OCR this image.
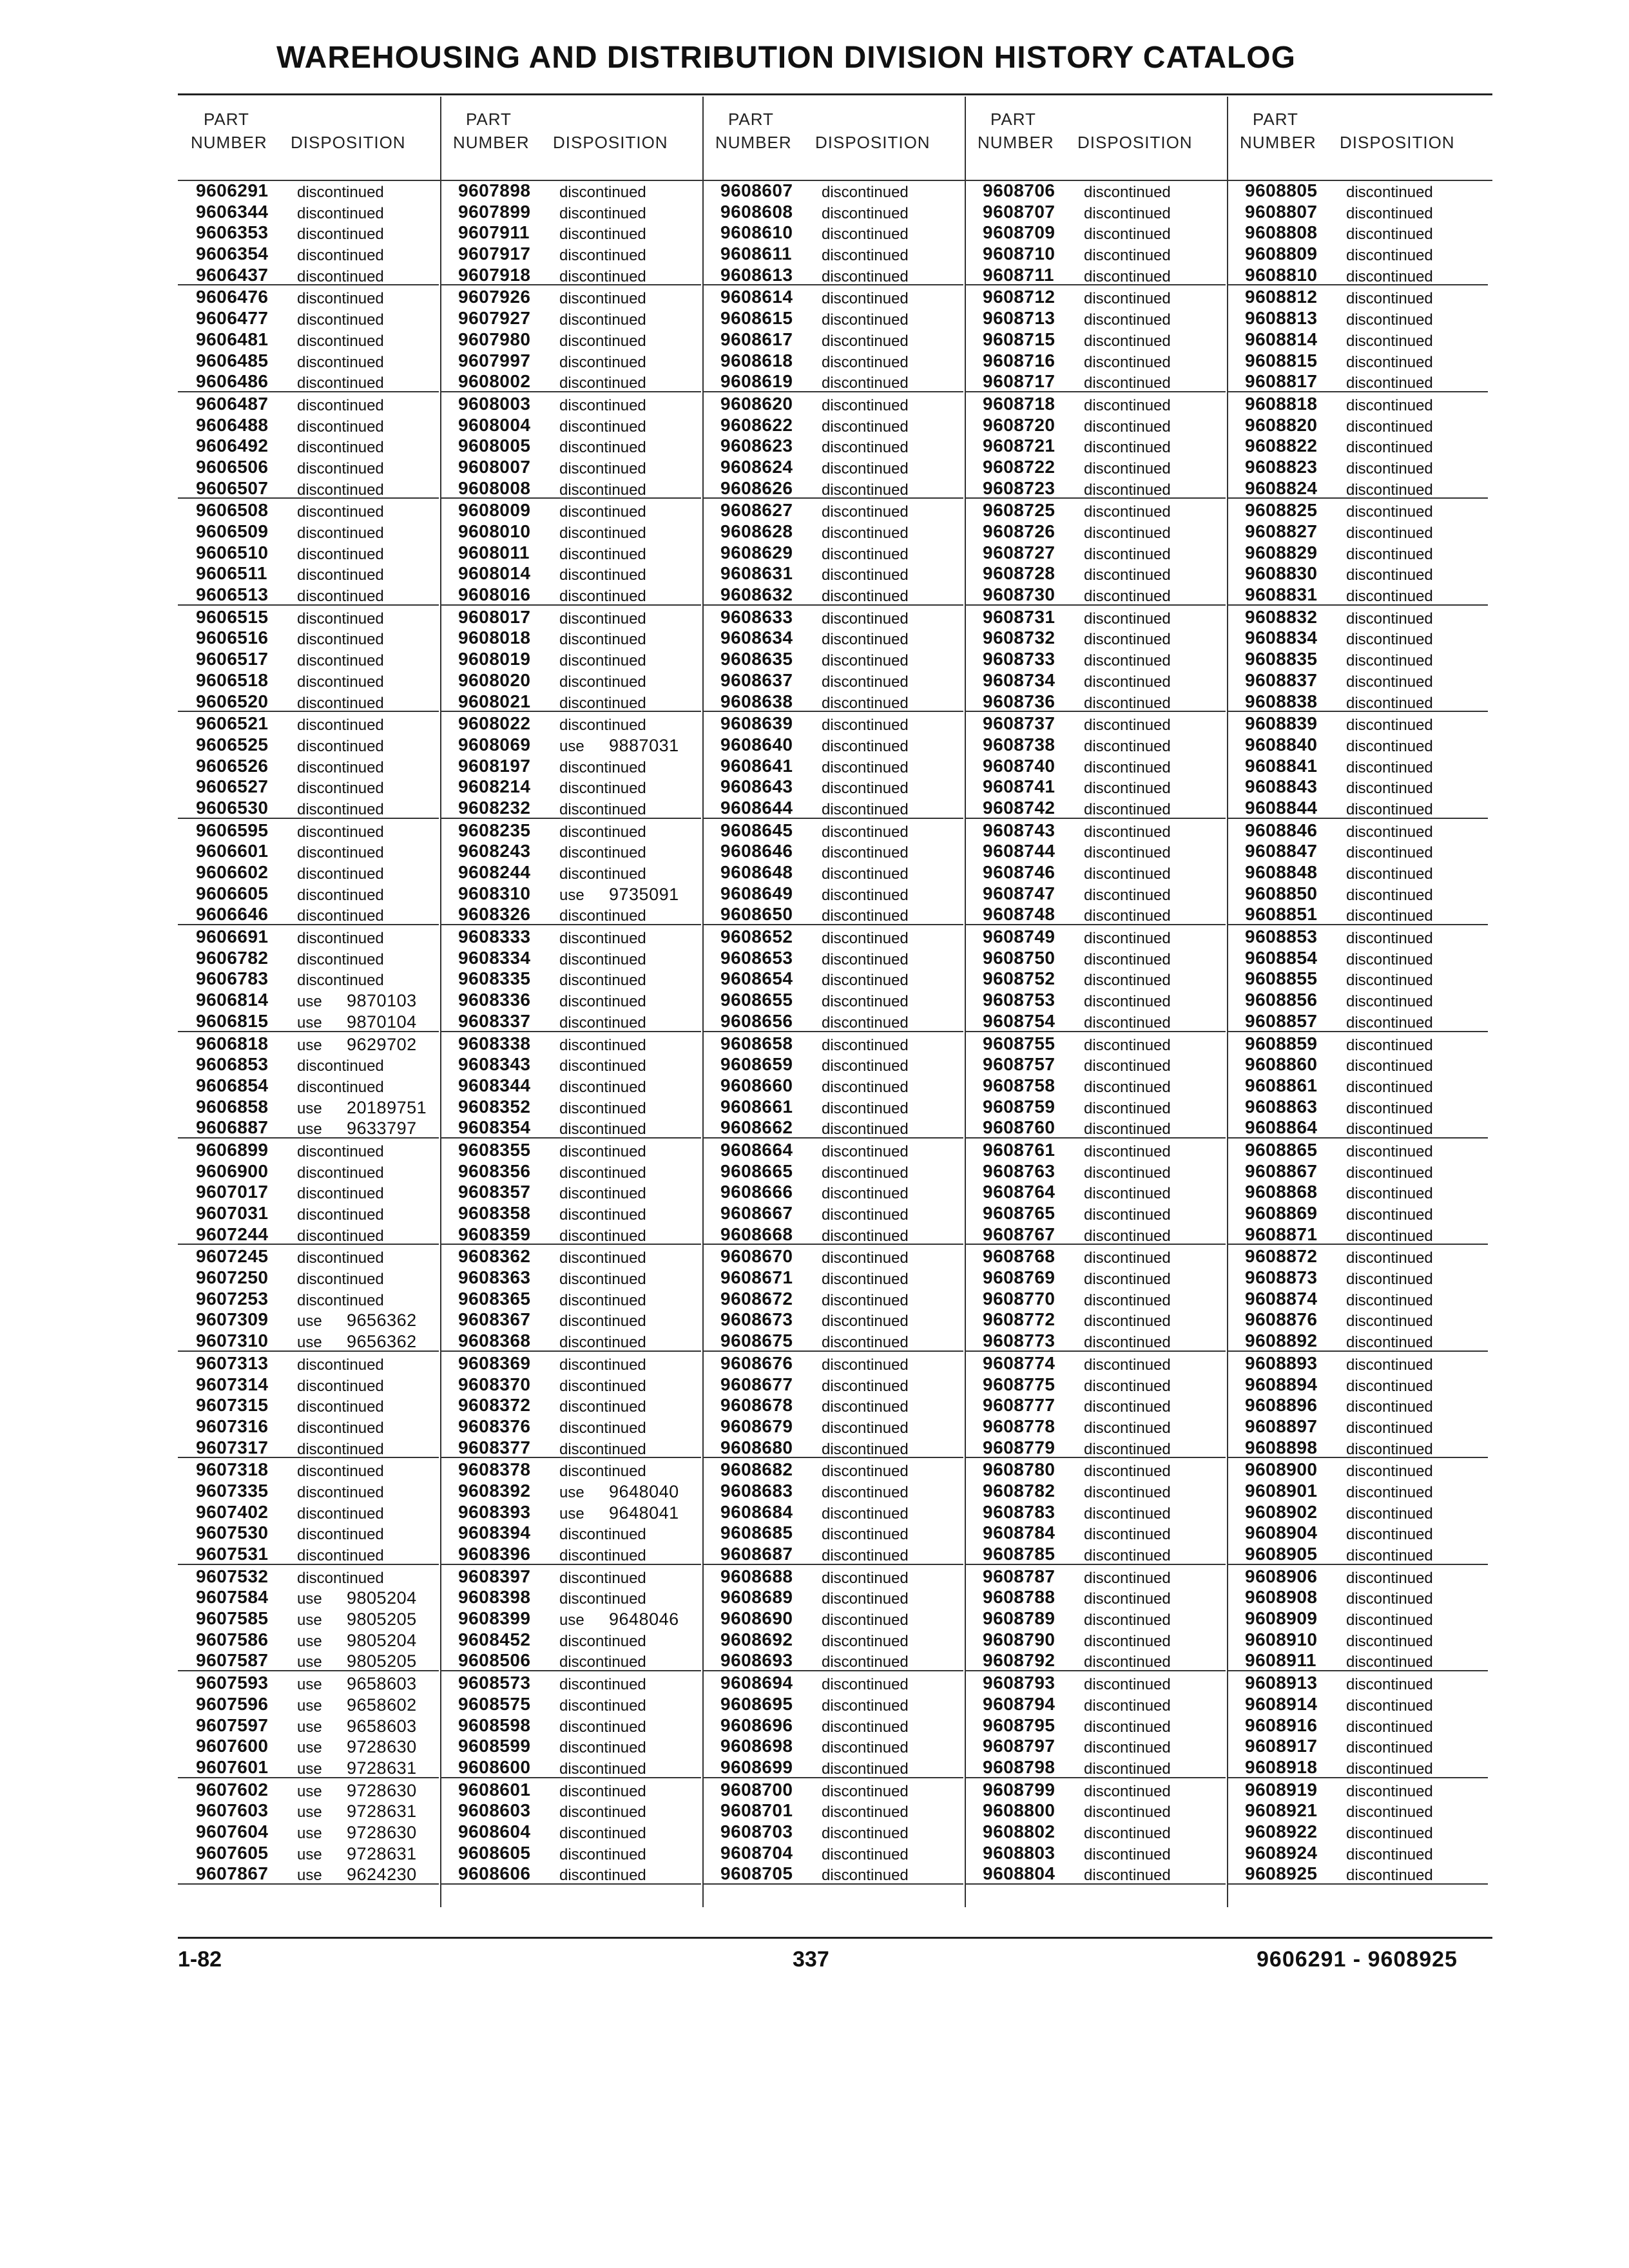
WAREHOUSING AND DISTRIBUTION DIVISION HISTORY CATALOG
PART
NUMBER DISPOSITION
9606291 discontinued
9606344 discontinued
9606353 discontinued
9606354 discontinued
9606437 discontinued
9606476 discontinued
9606477 discontinued
9606481 discontinued
9606485 discontinued
9606486 discontinued
9606487 discontinued
9606488 discontinued
9606492 discontinued
9606506 discontinued
9606507 discontinued
9606508 discontinued
9606509 discontinued
9606510 discontinued
9606511 discontinued
9606513 discontinued
9606515 discontinued
9606516 discontinued
9606517 discontinued
9606518 discontinued
9606520 discontinued
9606521 discontinued
9606525 discontinued
9606526 discontinued
9606527 discontinued
9606530 discontinued
9606595 discontinued
9606601 discontinued
9606602 discontinued
9606605 discontinued
9606646 discontinued
9606691 discontinued
9606782 discontinued
9606783 discontinued
9606814 use 9870103
9606815 use 9870104
9606818 use 9629702
9606853 discontinued
9606854 discontinued
9606858 use 20189751
9606887 use 9633797
9606899 discontinued
9606900 discontinued
9607017 discontinued
9607031 discontinued
9607244 discontinued
9607245 discontinued
9607250 discontinued
9607253 discontinued
9607309 use 9656362
9607310 use 9656362
9607313 discontinued
9607314 discontinued
9607315 discontinued
9607316 discontinued
9607317 discontinued
9607318 discontinued
9607335 discontinued
9607402 discontinued
9607530 discontinued
9607531 discontinued
9607532 discontinued
9607584 use 9805204
9607585 use 9805205
9607586 use 9805204
9607587 use 9805205
9607593 use 9658603
9607596 use 9658602
9607597 use 9658603
9607600 use 9728630
9607601 use 9728631
9607602 use 9728630
9607603 use 9728631
9607604 use 9728630
9607605 use 9728631
9607867 use 9624230
PART
NUMBER DISPOSITION
9607898 discontinued
9607899 discontinued
9607911 discontinued
9607917 discontinued
9607918 discontinued
9607926 discontinued
9607927 discontinued
9607980 discontinued
9607997 discontinued
9608002 discontinued
9608003 discontinued
9608004 discontinued
9608005 discontinued
9608007 discontinued
9608008 discontinued
9608009 discontinued
9608010 discontinued
9608011 discontinued
9608014 discontinued
9608016 discontinued
9608017 discontinued
9608018 discontinued
9608019 discontinued
9608020 discontinued
9608021 discontinued
9608022 discontinued
9608069 use 9887031
9608197 discontinued
9608214 discontinued
9608232 discontinued
9608235 discontinued
9608243 discontinued
9608244 discontinued
9608310 use 9735091
9608326 discontinued
9608333 discontinued
9608334 discontinued
9608335 discontinued
9608336 discontinued
9608337 discontinued
9608338 discontinued
9608343 discontinued
9608344 discontinued
9608352 discontinued
9608354 discontinued
9608355 discontinued
9608356 discontinued
9608357 discontinued
9608358 discontinued
9608359 discontinued
9608362 discontinued
9608363 discontinued
9608365 discontinued
9608367 discontinued
9608368 discontinued
9608369 discontinued
9608370 discontinued
9608372 discontinued
9608376 discontinued
9608377 discontinued
9608378 discontinued
9608392 use 9648040
9608393 use 9648041
9608394 discontinued
9608396 discontinued
9608397 discontinued
9608398 discontinued
9608399 use 9648046
9608452 discontinued
9608506 discontinued
9608573 discontinued
9608575 discontinued
9608598 discontinued
9608599 discontinued
9608600 discontinued
9608601 discontinued
9608603 discontinued
9608604 discontinued
9608605 discontinued
9608606 discontinued
PART
NUMBER DISPOSITION
9608607 discontinued
9608608 discontinued
9608610 discontinued
9608611 discontinued
9608613 discontinued
9608614 discontinued
9608615 discontinued
9608617 discontinued
9608618 discontinued
9608619 discontinued
9608620 discontinued
9608622 discontinued
9608623 discontinued
9608624 discontinued
9608626 discontinued
9608627 discontinued
9608628 discontinued
9608629 discontinued
9608631 discontinued
9608632 discontinued
9608633 discontinued
9608634 discontinued
9608635 discontinued
9608637 discontinued
9608638 discontinued
9608639 discontinued
9608640 discontinued
9608641 discontinued
9608643 discontinued
9608644 discontinued
9608645 discontinued
9608646 discontinued
9608648 discontinued
9608649 discontinued
9608650 discontinued
9608652 discontinued
9608653 discontinued
9608654 discontinued
9608655 discontinued
9608656 discontinued
9608658 discontinued
9608659 discontinued
9608660 discontinued
9608661 discontinued
9608662 discontinued
9608664 discontinued
9608665 discontinued
9608666 discontinued
9608667 discontinued
9608668 discontinued
9608670 discontinued
9608671 discontinued
9608672 discontinued
9608673 discontinued
9608675 discontinued
9608676 discontinued
9608677 discontinued
9608678 discontinued
9608679 discontinued
9608680 discontinued
9608682 discontinued
9608683 discontinued
9608684 discontinued
9608685 discontinued
9608687 discontinued
9608688 discontinued
9608689 discontinued
9608690 discontinued
9608692 discontinued
9608693 discontinued
9608694 discontinued
9608695 discontinued
9608696 discontinued
9608698 discontinued
9608699 discontinued
9608700 discontinued
9608701 discontinued
9608703 discontinued
9608704 discontinued
9608705 discontinued
PART
NUMBER DISPOSITION
9608706 discontinued
9608707 discontinued
9608709 discontinued
9608710 discontinued
9608711 discontinued
9608712 discontinued
9608713 discontinued
9608715 discontinued
9608716 discontinued
9608717 discontinued
9608718 discontinued
9608720 discontinued
9608721 discontinued
9608722 discontinued
9608723 discontinued
9608725 discontinued
9608726 discontinued
9608727 discontinued
9608728 discontinued
9608730 discontinued
9608731 discontinued
9608732 discontinued
9608733 discontinued
9608734 discontinued
9608736 discontinued
9608737 discontinued
9608738 discontinued
9608740 discontinued
9608741 discontinued
9608742 discontinued
9608743 discontinued
9608744 discontinued
9608746 discontinued
9608747 discontinued
9608748 discontinued
9608749 discontinued
9608750 discontinued
9608752 discontinued
9608753 discontinued
9608754 discontinued
9608755 discontinued
9608757 discontinued
9608758 discontinued
9608759 discontinued
9608760 discontinued
9608761 discontinued
9608763 discontinued
9608764 discontinued
9608765 discontinued
9608767 discontinued
9608768 discontinued
9608769 discontinued
9608770 discontinued
9608772 discontinued
9608773 discontinued
9608774 discontinued
9608775 discontinued
9608777 discontinued
9608778 discontinued
9608779 discontinued
9608780 discontinued
9608782 discontinued
9608783 discontinued
9608784 discontinued
9608785 discontinued
9608787 discontinued
9608788 discontinued
9608789 discontinued
9608790 discontinued
9608792 discontinued
9608793 discontinued
9608794 discontinued
9608795 discontinued
9608797 discontinued
9608798 discontinued
9608799 discontinued
9608800 discontinued
9608802 discontinued
9608803 discontinued
9608804 discontinued
PART
NUMBER DISPOSITION
9608805 discontinued
9608807 discontinued
9608808 discontinued
9608809 discontinued
9608810 discontinued
9608812 discontinued
9608813 discontinued
9608814 discontinued
9608815 discontinued
9608817 discontinued
9608818 discontinued
9608820 discontinued
9608822 discontinued
9608823 discontinued
9608824 discontinued
9608825 discontinued
9608827 discontinued
9608829 discontinued
9608830 discontinued
9608831 discontinued
9608832 discontinued
9608834 discontinued
9608835 discontinued
9608837 discontinued
9608838 discontinued
9608839 discontinued
9608840 discontinued
9608841 discontinued
9608843 discontinued
9608844 discontinued
9608846 discontinued
9608847 discontinued
9608848 discontinued
9608850 discontinued
9608851 discontinued
9608853 discontinued
9608854 discontinued
9608855 discontinued
9608856 discontinued
9608857 discontinued
9608859 discontinued
9608860 discontinued
9608861 discontinued
9608863 discontinued
9608864 discontinued
9608865 discontinued
9608867 discontinued
9608868 discontinued
9608869 discontinued
9608871 discontinued
9608872 discontinued
9608873 discontinued
9608874 discontinued
9608876 discontinued
9608892 discontinued
9608893 discontinued
9608894 discontinued
9608896 discontinued
9608897 discontinued
9608898 discontinued
9608900 discontinued
9608901 discontinued
9608902 discontinued
9608904 discontinued
9608905 discontinued
9608906 discontinued
9608908 discontinued
9608909 discontinued
9608910 discontinued
9608911 discontinued
9608913 discontinued
9608914 discontinued
9608916 discontinued
9608917 discontinued
9608918 discontinued
9608919 discontinued
9608921 discontinued
9608922 discontinued
9608924 discontinued
9608925 discontinued
1-82	337	9606291 - 9608925
